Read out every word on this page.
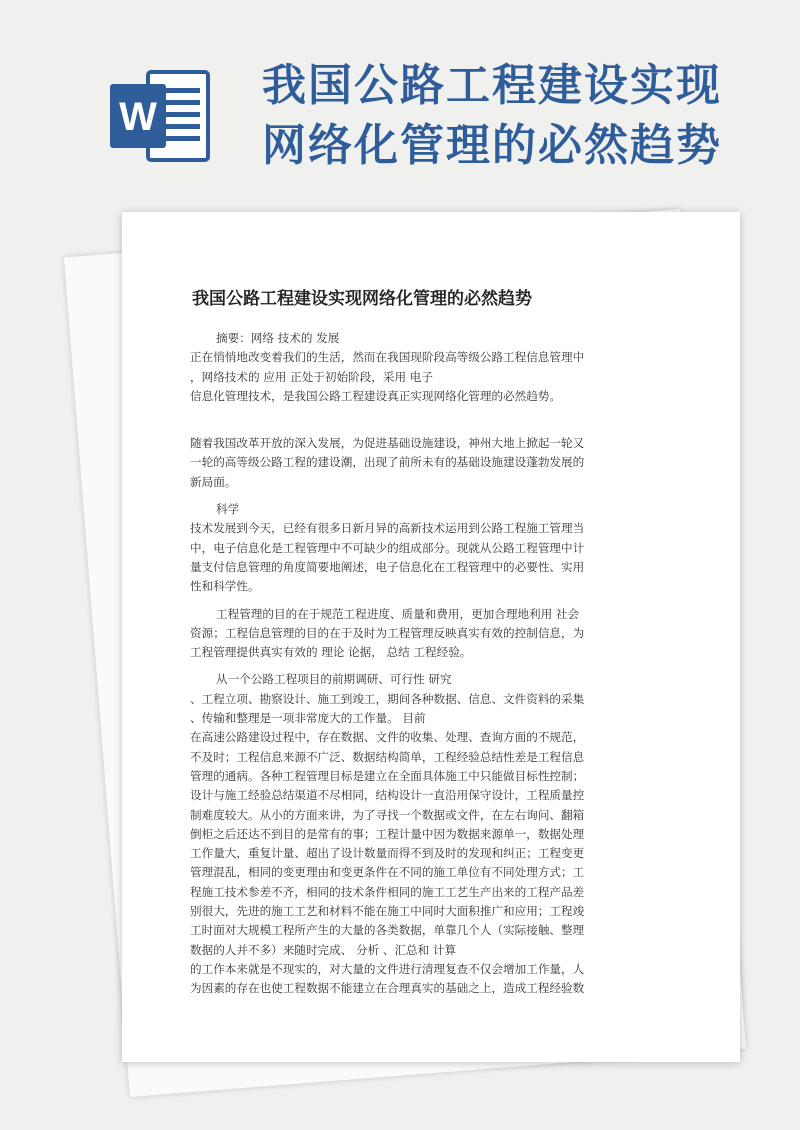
W
我国公路工程建设实现
网络化管理的必然趋势
我国公路工程建设实现网络化管理的必然趋势

摘要：网络 技术的 发展

正在悄悄地改变着我们的生活，然而在我国现阶段高等级公路工程信息管理中

，网络技术的 应用 正处于初始阶段，采用 电子

信息化管理技术，是我国公路工程建设真正实现网络化管理的必然趋势。

随着我国改革开放的深入发展，为促进基础设施建设，神州大地上掀起一轮又

一轮的高等级公路工程的建设潮，出现了前所未有的基础设施建设蓬勃发展的

新局面。

科学

技术发展到今天，已经有很多日新月异的高新技术运用到公路工程施工管理当

中，电子信息化是工程管理中不可缺少的组成部分。现就从公路工程管理中计

量支付信息管理的角度简要地阐述，电子信息化在工程管理中的必要性、实用

性和科学性。

工程管理的目的在于规范工程进度、质量和费用，更加合理地利用 社会

资源；工程信息管理的目的在于及时为工程管理反映真实有效的控制信息，为

工程管理提供真实有效的 理论 论据， 总结 工程经验。

从一个公路工程项目的前期调研、可行性 研究

、工程立项、勘察设计、施工到竣工，期间各种数据、信息、文件资料的采集

、传输和整理是一项非常庞大的工作量。 目前

在高速公路建设过程中，存在数据、文件的收集、处理、查询方面的不规范，

不及时；工程信息来源不广泛、数据结构简单，工程经验总结性差是工程信息

管理的通病。各种工程管理目标是建立在全面具体施工中只能做目标性控制；

设计与施工经验总结渠道不尽相同，结构设计一直沿用保守设计，工程质量控

制难度较大。从小的方面来讲，为了寻找一个数据或文件，在左右询问、翻箱

倒柜之后还达不到目的是常有的事；工程计量中因为数据来源单一，数据处理

工作量大，重复计量、超出了设计数量而得不到及时的发现和纠正；工程变更

管理混乱，相同的变更理由和变更条件在不同的施工单位有不同处理方式；工

程施工技术参差不齐，相同的技术条件相同的施工工艺生产出来的工程产品差

别很大，先进的施工工艺和材料不能在施工中同时大面积推广和应用；工程竣

工时面对大规模工程所产生的大量的各类数据，单靠几个人（实际接触、整理

数据的人并不多）来随时完成、 分析 、汇总和 计算

的工作本来就是不现实的，对大量的文件进行清理复查不仅会增加工作量，人

为因素的存在也使工程数据不能建立在合理真实的基础之上，造成工程经验数
